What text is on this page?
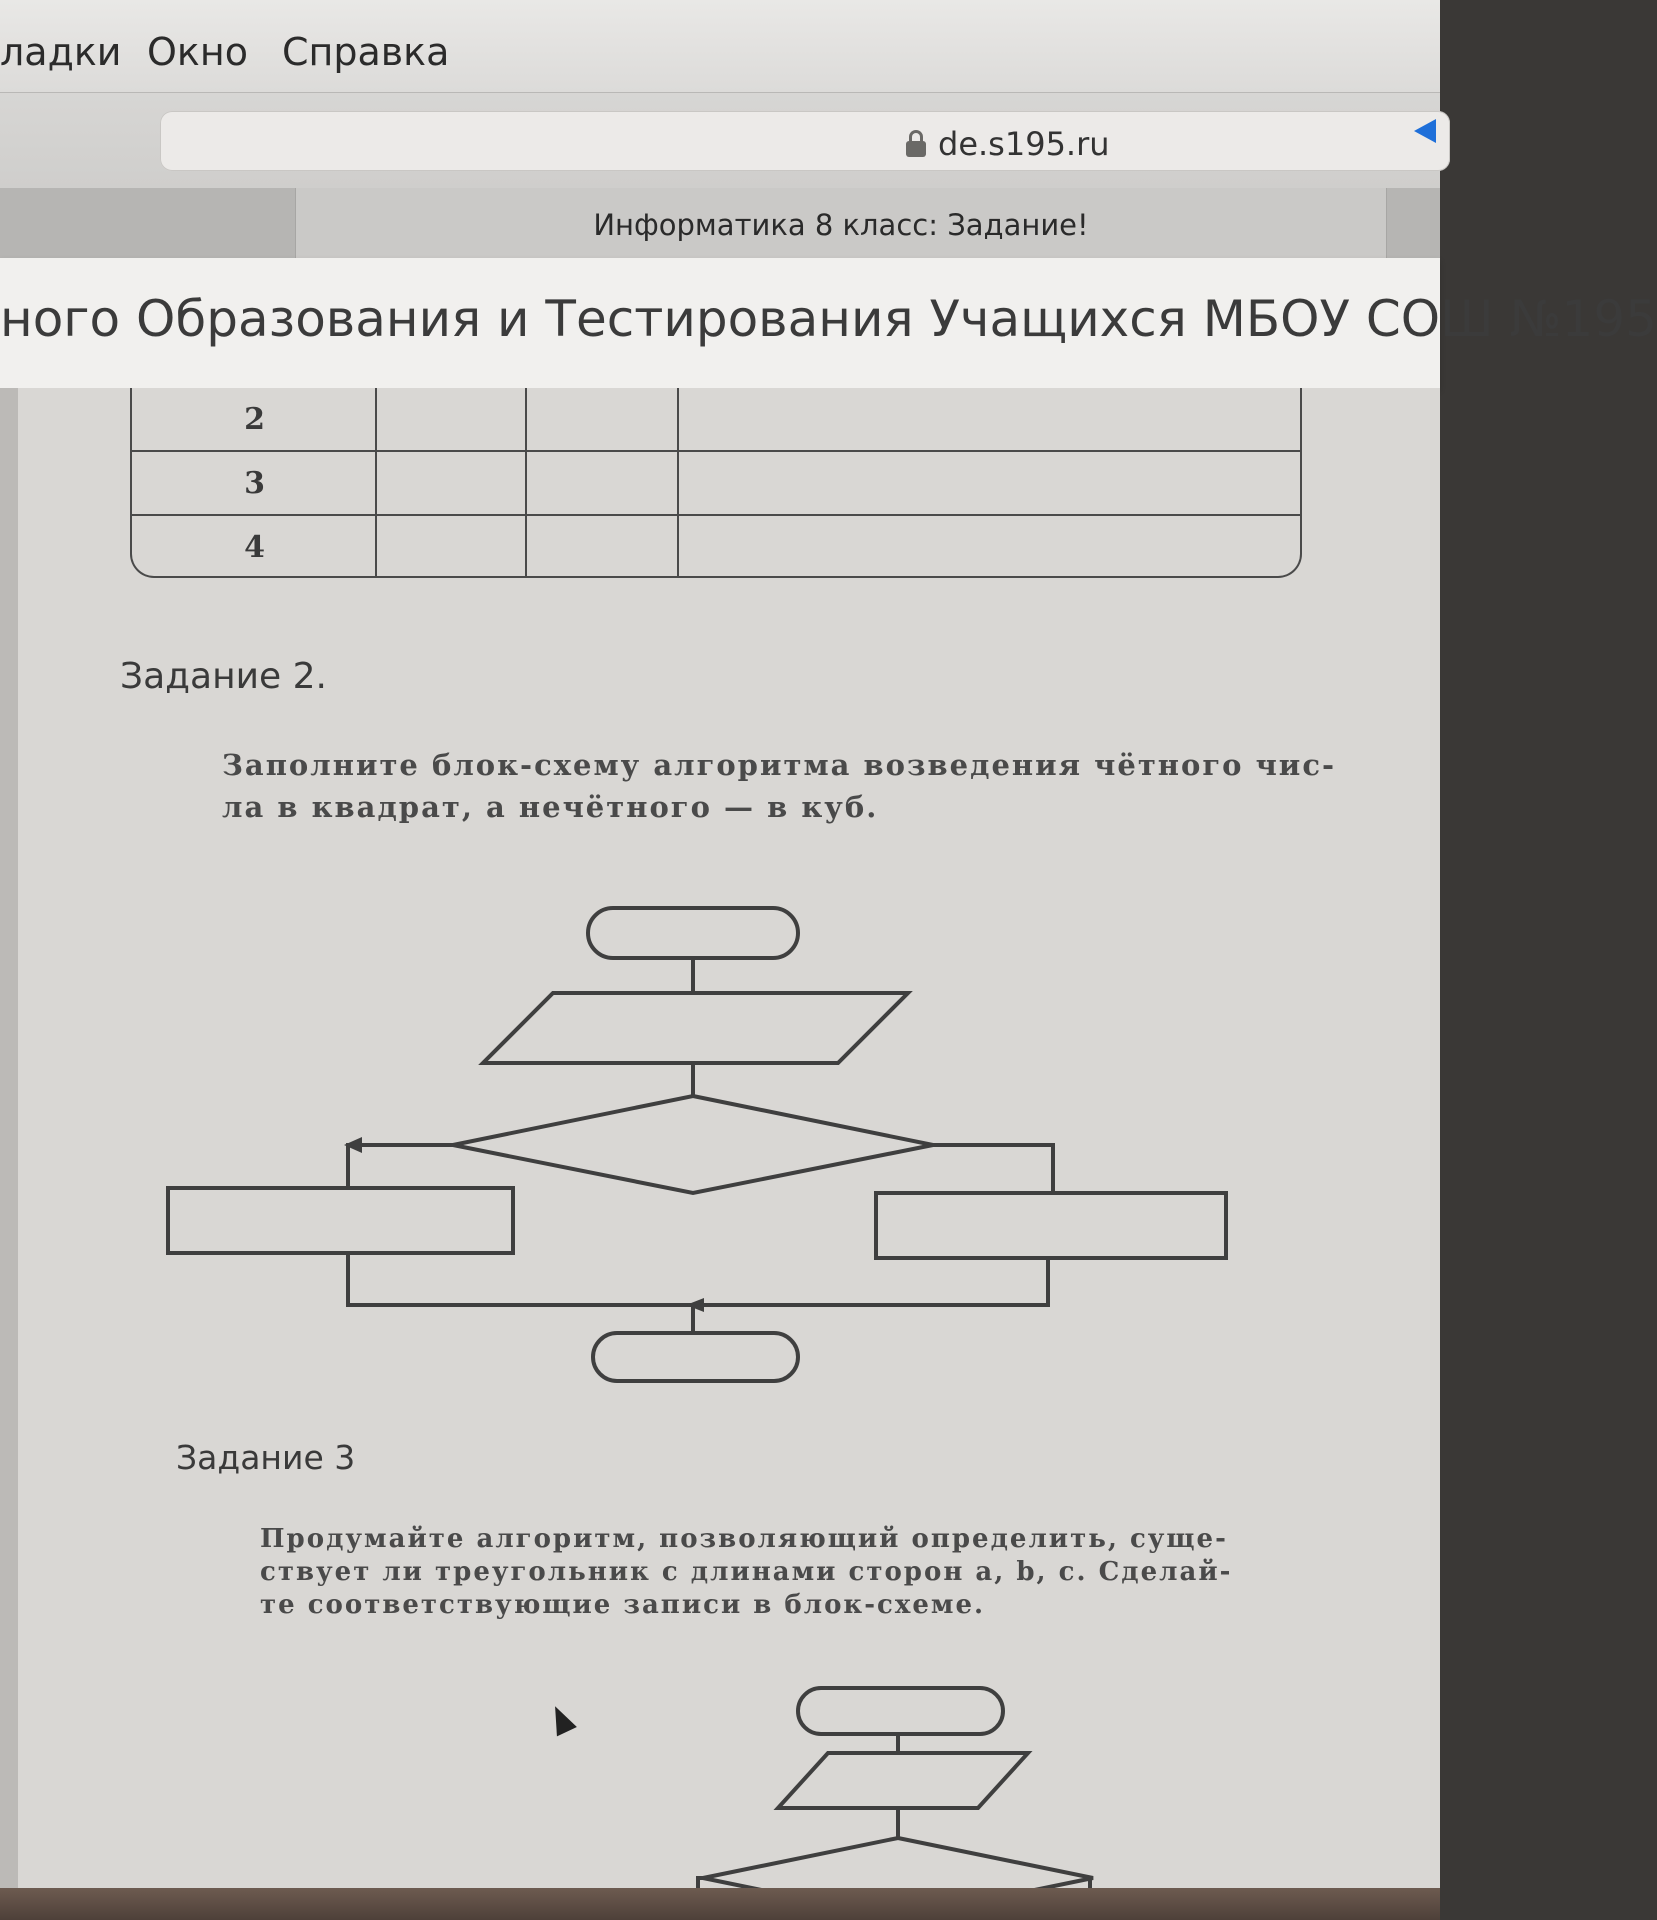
ладки Окно Справка
de.s195.ru
Информатика 8 класс: Задание!
ного Образования и Тестирования Учащихся МБОУ СОШ №195
2
3
4
Задание 2.
Заполните блок-схему алгоритма возведения чётного чис-
ла в квадрат, а нечётного — в куб.
Задание 3
Продумайте алгоритм, позволяющий определить, суще-
ствует ли треугольник с длинами сторон a, b, c. Сделай-
те соответствующие записи в блок-схеме.
